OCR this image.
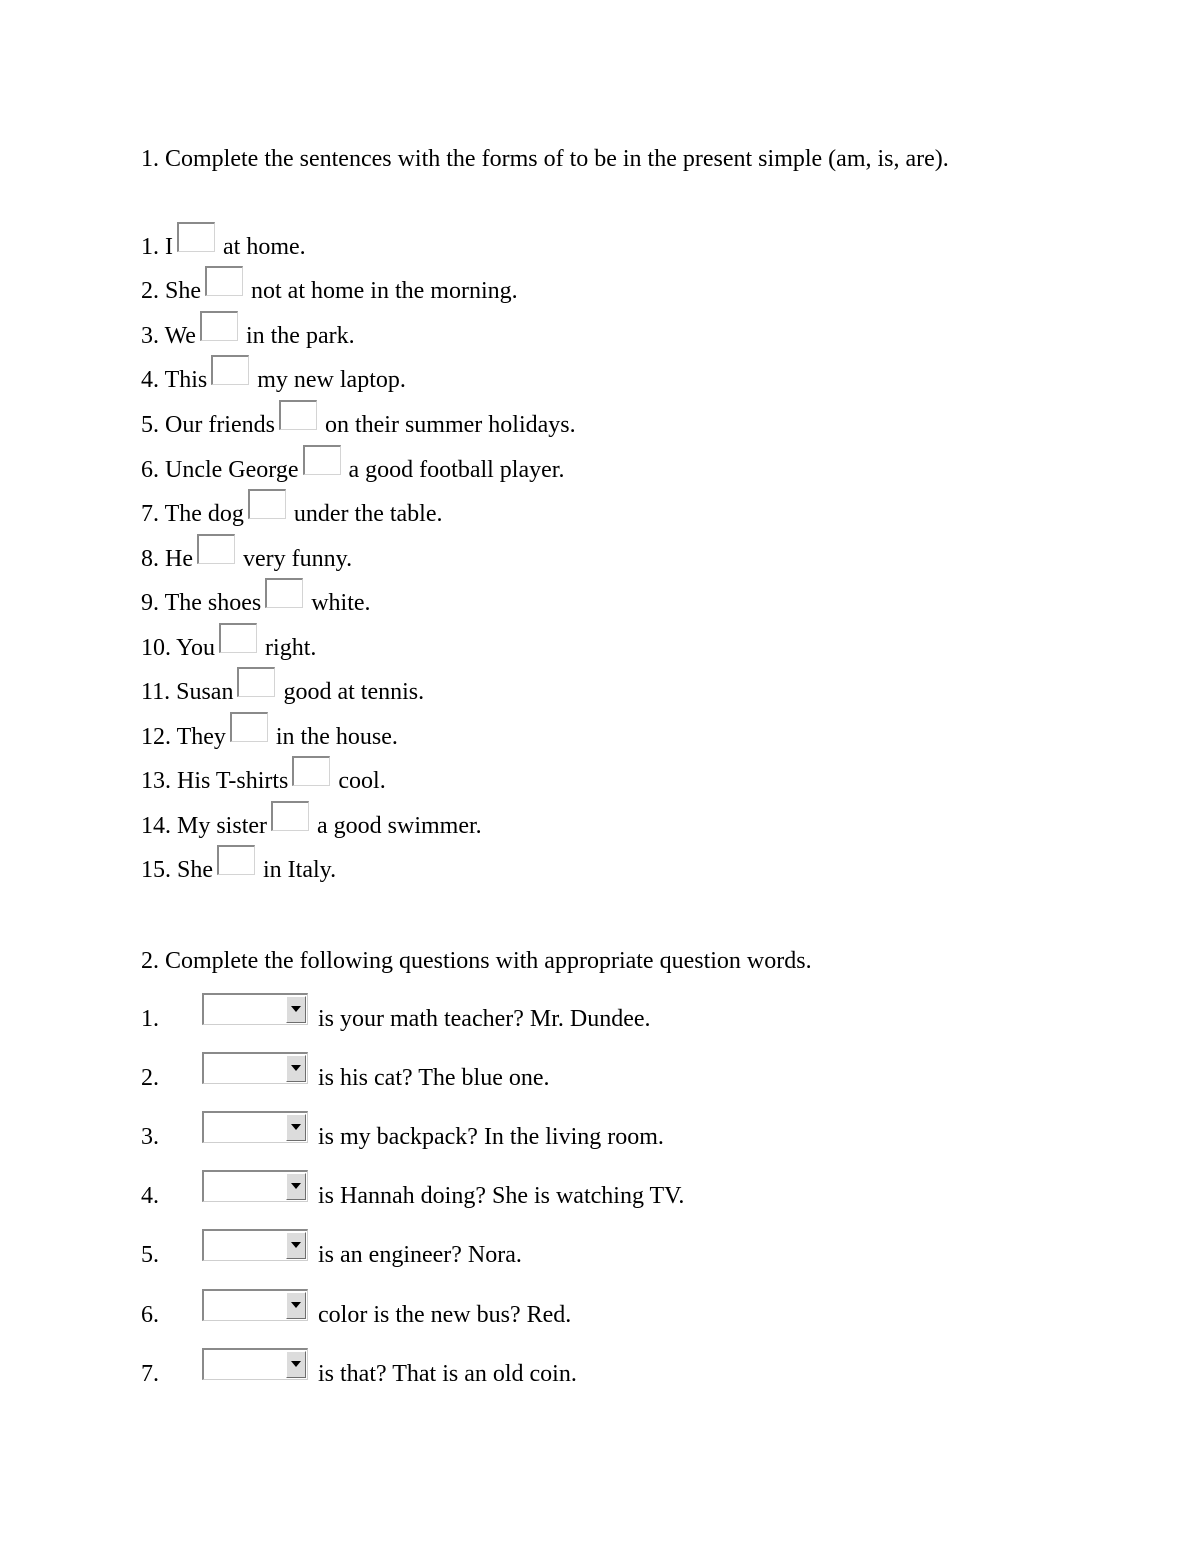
1. Complete the sentences with the forms of to be in the present simple (am, is, are).

1. I at home.
2. She not at home in the morning.
3. We in the park.
4. This my new laptop.
5. Our friends on their summer holidays.
6. Uncle George a good football player.
7. The dog under the table.
8. He very funny.
9. The shoes white.
10. You right.
11. Susan good at tennis.
12. They in the house.
13. His T-shirts cool.
14. My sister a good swimmer.
15. She in Italy.

2. Complete the following questions with appropriate question words.

1.	is your math teacher? Mr. Dundee.
2.	is his cat? The blue one.
3.	is my backpack? In the living room.
4.	is Hannah doing? She is watching TV.
5.	is an engineer? Nora.
6.	color is the new bus? Red.
7.	is that? That is an old coin.
